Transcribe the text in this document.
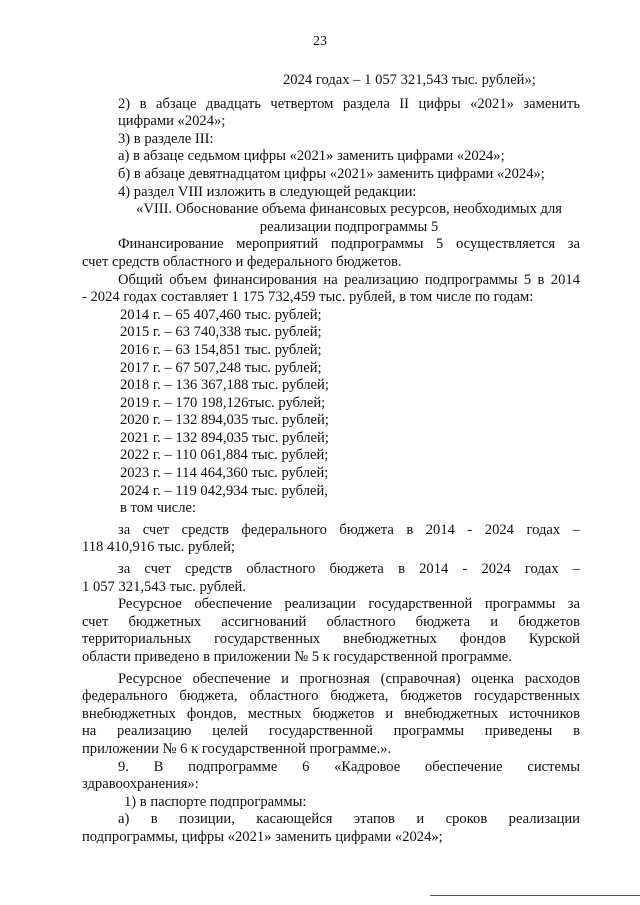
23
2024 годах – 1 057 321,543 тыс. рублей»;
2) в абзаце двадцать четвертом раздела II цифры «2021» заменить
цифрами «2024»;
3) в разделе III:
а) в абзаце седьмом цифры «2021» заменить цифрами «2024»;
б) в абзаце девятнадцатом цифры «2021» заменить цифрами «2024»;
4) раздел VIII изложить в следующей редакции:
«VIII. Обоснование объема финансовых ресурсов, необходимых для
реализации подпрограммы 5
Финансирование мероприятий подпрограммы 5 осуществляется за
счет средств областного и федерального бюджетов.
Общий объем финансирования на реализацию подпрограммы 5 в 2014
- 2024 годах составляет 1 175 732,459 тыс. рублей, в том числе по годам:
2014 г. – 65 407,460 тыс. рублей;
2015 г. – 63 740,338 тыс. рублей;
2016 г. – 63 154,851 тыс. рублей;
2017 г. – 67 507,248 тыс. рублей;
2018 г. – 136 367,188 тыс. рублей;
2019 г. – 170 198,126тыс. рублей;
2020 г. – 132 894,035 тыс. рублей;
2021 г. – 132 894,035 тыс. рублей;
2022 г. – 110 061,884 тыс. рублей;
2023 г. – 114 464,360 тыс. рублей;
2024 г. – 119 042,934 тыс. рублей,
в том числе:
за счет средств федерального бюджета в 2014 - 2024 годах –
118 410,916 тыс. рублей;
за счет средств областного бюджета в 2014 - 2024 годах –
1 057 321,543 тыс. рублей.
Ресурсное обеспечение реализации государственной программы за
счет бюджетных ассигнований областного бюджета и бюджетов
территориальных государственных внебюджетных фондов Курской
области приведено в приложении № 5 к государственной программе.
Ресурсное обеспечение и прогнозная (справочная) оценка расходов
федерального бюджета, областного бюджета, бюджетов государственных
внебюджетных фондов, местных бюджетов и внебюджетных источников
на реализацию целей государственной программы приведены в
приложении № 6 к государственной программе.».
9. В подпрограмме 6 «Кадровое обеспечение системы
здравоохранения»:
1) в паспорте подпрограммы:
а) в позиции, касающейся этапов и сроков реализации
подпрограммы, цифры «2021» заменить цифрами «2024»;
